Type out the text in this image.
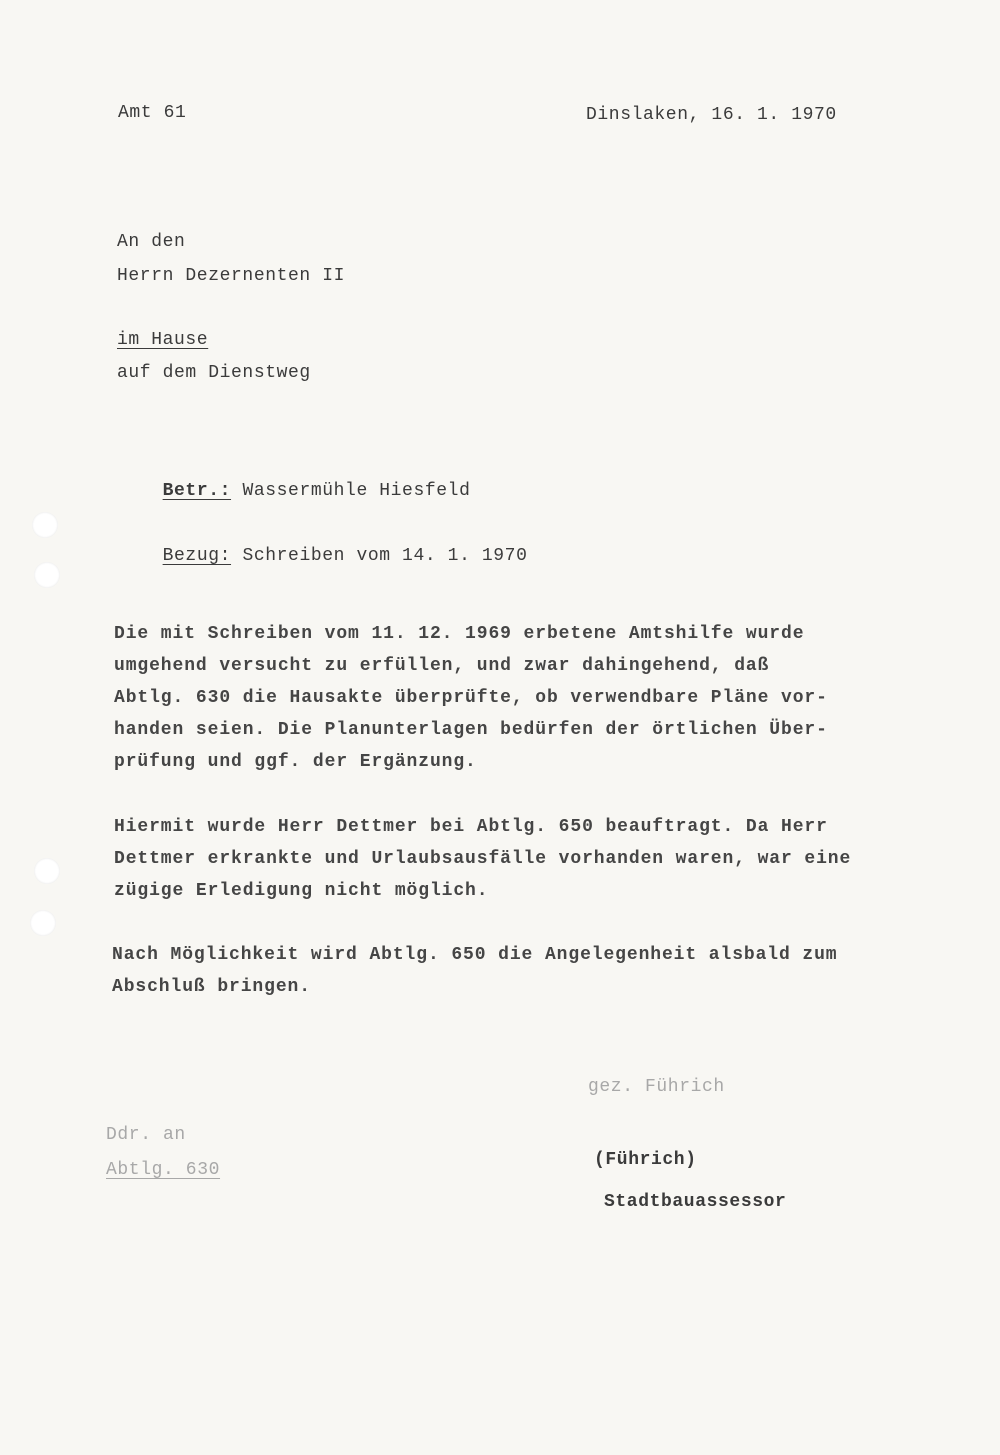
Amt 61	Dinslaken, 16. 1. 1970
An den
Herrn Dezernenten II
im Hause
auf dem Dienstweg

Betr.: Wassermühle Hiesfeld

Bezug: Schreiben vom 14. 1. 1970

Die mit Schreiben vom 11. 12. 1969 erbetene Amtshilfe wurde
umgehend versucht zu erfüllen, und zwar dahingehend, daß
Abtlg. 630 die Hausakte überprüfte, ob verwendbare Pläne vor-
handen seien. Die Planunterlagen bedürfen der örtlichen Über-
prüfung und ggf. der Ergänzung.
Hiermit wurde Herr Dettmer bei Abtlg. 650 beauftragt. Da Herr
Dettmer erkrankte und Urlaubsausfälle vorhanden waren, war eine
zügige Erledigung nicht möglich.
Nach Möglichkeit wird Abtlg. 650 die Angelegenheit alsbald zum
Abschluß bringen.
gez. Führich
(Führich)
Stadtbauassessor
Ddr. an
Abtlg. 630
